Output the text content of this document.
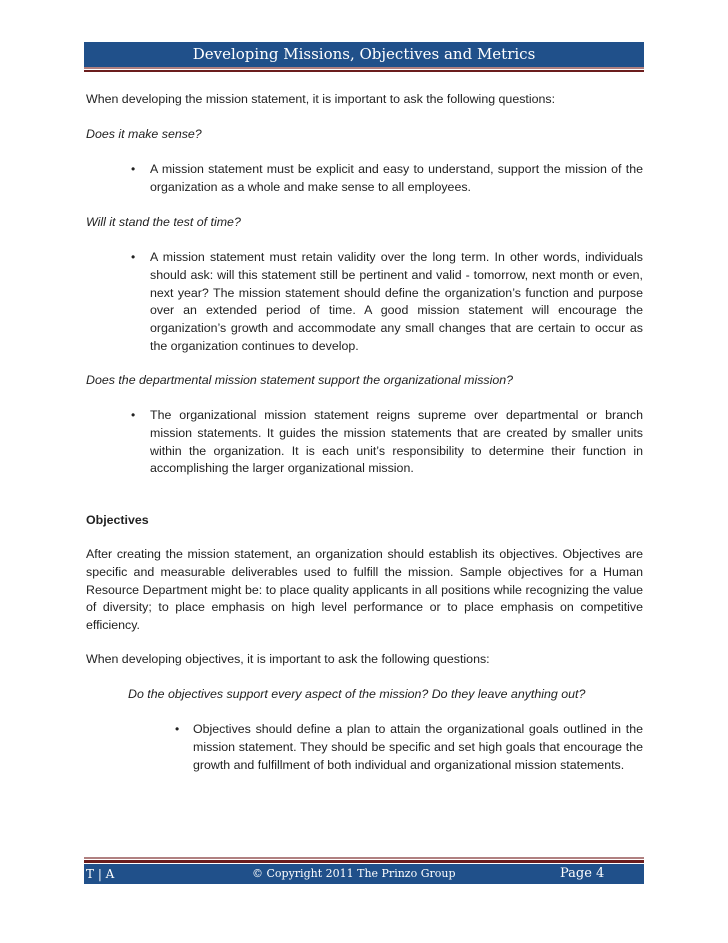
Developing Missions, Objectives and Metrics
When developing the mission statement, it is important to ask the following questions:
Does it make sense?
• A mission statement must be explicit and easy to understand, support the mission of the organization as a whole and make sense to all employees.
Will it stand the test of time?
• A mission statement must retain validity over the long term. In other words, individuals should ask: will this statement still be pertinent and valid - tomorrow, next month or even, next year? The mission statement should define the organization’s function and purpose over an extended period of time. A good mission statement will encourage the organization’s growth and accommodate any small changes that are certain to occur as the organization continues to develop.
Does the departmental mission statement support the organizational mission?
• The organizational mission statement reigns supreme over departmental or branch mission statements. It guides the mission statements that are created by smaller units within the organization. It is each unit’s responsibility to determine their function in accomplishing the larger organizational mission.
Objectives
After creating the mission statement, an organization should establish its objectives. Objectives are specific and measurable deliverables used to fulfill the mission. Sample objectives for a Human Resource Department might be: to place quality applicants in all positions while recognizing the value of diversity; to place emphasis on high level performance or to place emphasis on competitive efficiency.
When developing objectives, it is important to ask the following questions:
Do the objectives support every aspect of the mission? Do they leave anything out?
• Objectives should define a plan to attain the organizational goals outlined in the mission statement. They should be specific and set high goals that encourage the growth and fulfillment of both individual and organizational mission statements.
T | A	© Copyright 2011 The Prinzo Group	Page 4
